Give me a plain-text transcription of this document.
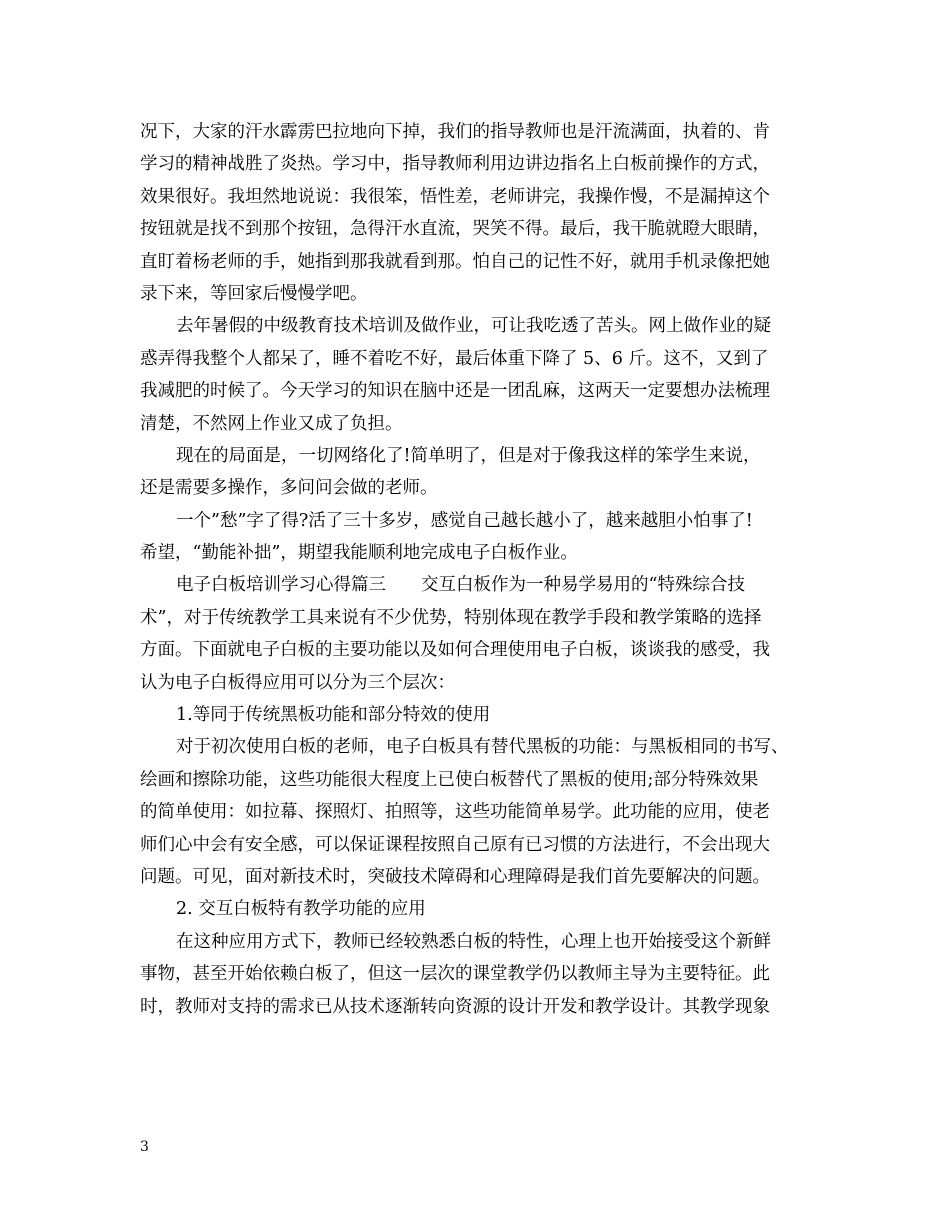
况下，大家的汗水霹雳巴拉地向下掉，我们的指导教师也是汗流满面，执着的、肯
学习的精神战胜了炎热。学习中，指导教师利用边讲边指名上白板前操作的方式，
效果很好。我坦然地说说：我很笨，悟性差，老师讲完，我操作慢，不是漏掉这个
按钮就是找不到那个按钮，急得汗水直流，哭笑不得。最后，我干脆就瞪大眼睛，
直盯着杨老师的手，她指到那我就看到那。怕自己的记性不好，就用手机录像把她
录下来，等回家后慢慢学吧。
去年暑假的中级教育技术培训及做作业，可让我吃透了苦头。网上做作业的疑
惑弄得我整个人都呆了，睡不着吃不好，最后体重下降了 5、6 斤。这不，又到了
我减肥的时候了。今天学习的知识在脑中还是一团乱麻，这两天一定要想办法梳理
清楚，不然网上作业又成了负担。
现在的局面是，一切网络化了!简单明了，但是对于像我这样的笨学生来说，
还是需要多操作，多问问会做的老师。
一个”愁”字了得?活了三十多岁，感觉自己越长越小了，越来越胆小怕事了!
希望，“勤能补拙”，期望我能顺利地完成电子白板作业。
电子白板培训学习心得篇三　　交互白板作为一种易学易用的“特殊综合技
术”，对于传统教学工具来说有不少优势，特别体现在教学手段和教学策略的选择
方面。下面就电子白板的主要功能以及如何合理使用电子白板，谈谈我的感受，我
认为电子白板得应用可以分为三个层次：
1.等同于传统黑板功能和部分特效的使用
对于初次使用白板的老师，电子白板具有替代黑板的功能：与黑板相同的书写、
绘画和擦除功能，这些功能很大程度上已使白板替代了黑板的使用;部分特殊效果
的简单使用：如拉幕、探照灯、拍照等，这些功能简单易学。此功能的应用，使老
师们心中会有安全感，可以保证课程按照自己原有已习惯的方法进行，不会出现大
问题。可见，面对新技术时，突破技术障碍和心理障碍是我们首先要解决的问题。
2. 交互白板特有教学功能的应用
在这种应用方式下，教师已经较熟悉白板的特性，心理上也开始接受这个新鲜
事物，甚至开始依赖白板了，但这一层次的课堂教学仍以教师主导为主要特征。此
时，教师对支持的需求已从技术逐渐转向资源的设计开发和教学设计。其教学现象
3
